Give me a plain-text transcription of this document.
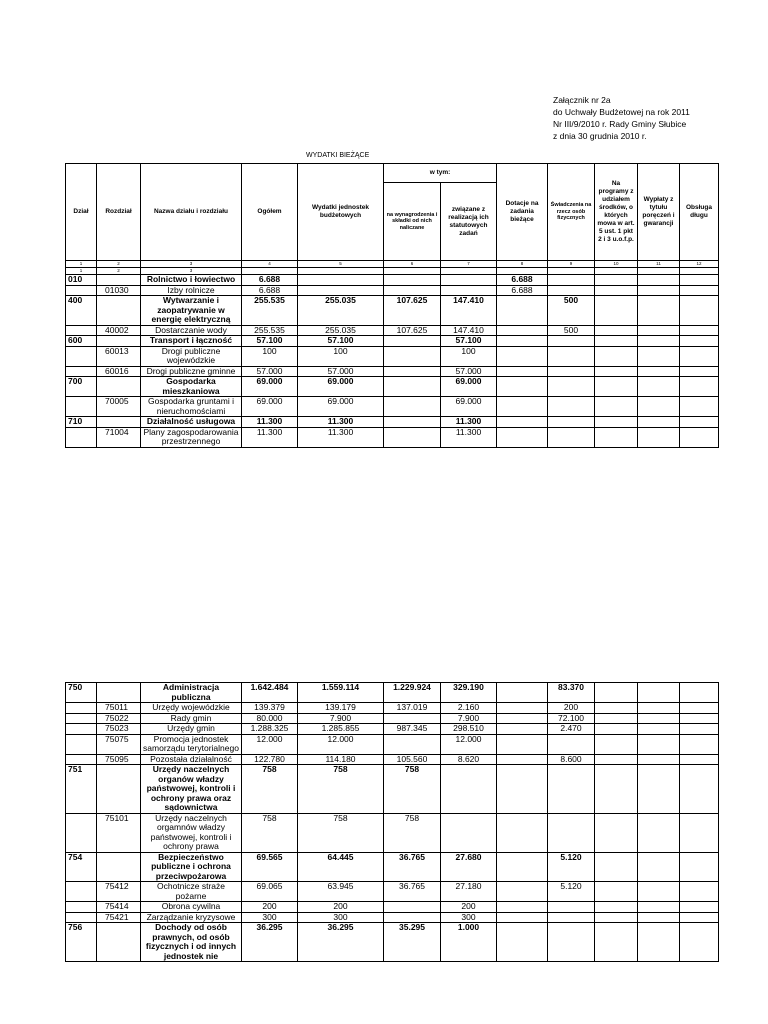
Załącznik nr 2a
do Uchwały Budżetowej na rok 2011
Nr III/9/2010 r. Rady Gminy Słubice
z dnia 30 grudnia 2010 r.
WYDATKI BIEŻĄCE
Dział	Rozdział	Nazwa działu i rozdziału	Ogółem	Wydatki jednostek budżetowych	w tym:		Dotacje na zadania bieżące	Świadczenia na rzecz osób fizycznych	Na programy z udziałem środków, o których mowa w art. 5 ust. 1 pkt 2 i 3 u.o.f.p.	Wypłaty z tytułu poręczeń i gwarancji	Obsługa długu
					na wynagrodzenia i składki od nich naliczane	związane z realizacją ich statutowych zadań					
1	2	3	4	5	6	7	8	9	10	11	12
1	2	3									
010		Rolnictwo i łowiectwo	6.688				6.688				
	01030	Izby rolnicze	6.688				6.688				
400		Wytwarzanie i zaopatrywanie w energię elektryczną	255.535	255.035	107.625	147.410		500			
	40002	Dostarczanie wody	255.535	255.035	107.625	147.410		500			
600		Transport i łączność	57.100	57.100		57.100					
	60013	Drogi publiczne wojewódzkie	100	100		100					
	60016	Drogi publiczne gminne	57.000	57.000		57.000					
700		Gospodarka mieszkaniowa	69.000	69.000		69.000					
	70005	Gospodarka gruntami i nieruchomościami	69.000	69.000		69.000					
710		Działalność usługowa	11.300	11.300		11.300					
	71004	Plany zagospodarowania przestrzennego	11.300	11.300		11.300					
750		Administracja publiczna	1.642.484	1.559.114	1.229.924	329.190		83.370			
	75011	Urzędy wojewódzkie	139.379	139.179	137.019	2.160		200			
	75022	Rady gmin	80.000	7.900		7.900		72.100			
	75023	Urzędy gmin	1.288.325	1.285.855	987.345	298.510		2.470			
	75075	Promocja jednostek samorządu terytorialnego	12.000	12.000		12.000					
	75095	Pozostała działalność	122.780	114.180	105.560	8.620		8.600			
751		Urzędy naczelnych organów władzy państwowej, kontroli i ochrony prawa oraz sądownictwa	758	758	758						
	75101	Urzędy naczelnych orgamnów władzy państwowej, kontroli i ochrony prawa	758	758	758						
754		Bezpieczeństwo publiczne i ochrona przeciwpożarowa	69.565	64.445	36.765	27.680		5.120			
	75412	Ochotnicze straże pożarne	69.065	63.945	36.765	27.180		5.120			
	75414	Obrona cywilna	200	200		200					
	75421	Zarządzanie kryzysowe	300	300		300					
756		Dochody od osób prawnych, od osób fizycznych i od innych jednostek nie	36.295	36.295	35.295	1.000					
